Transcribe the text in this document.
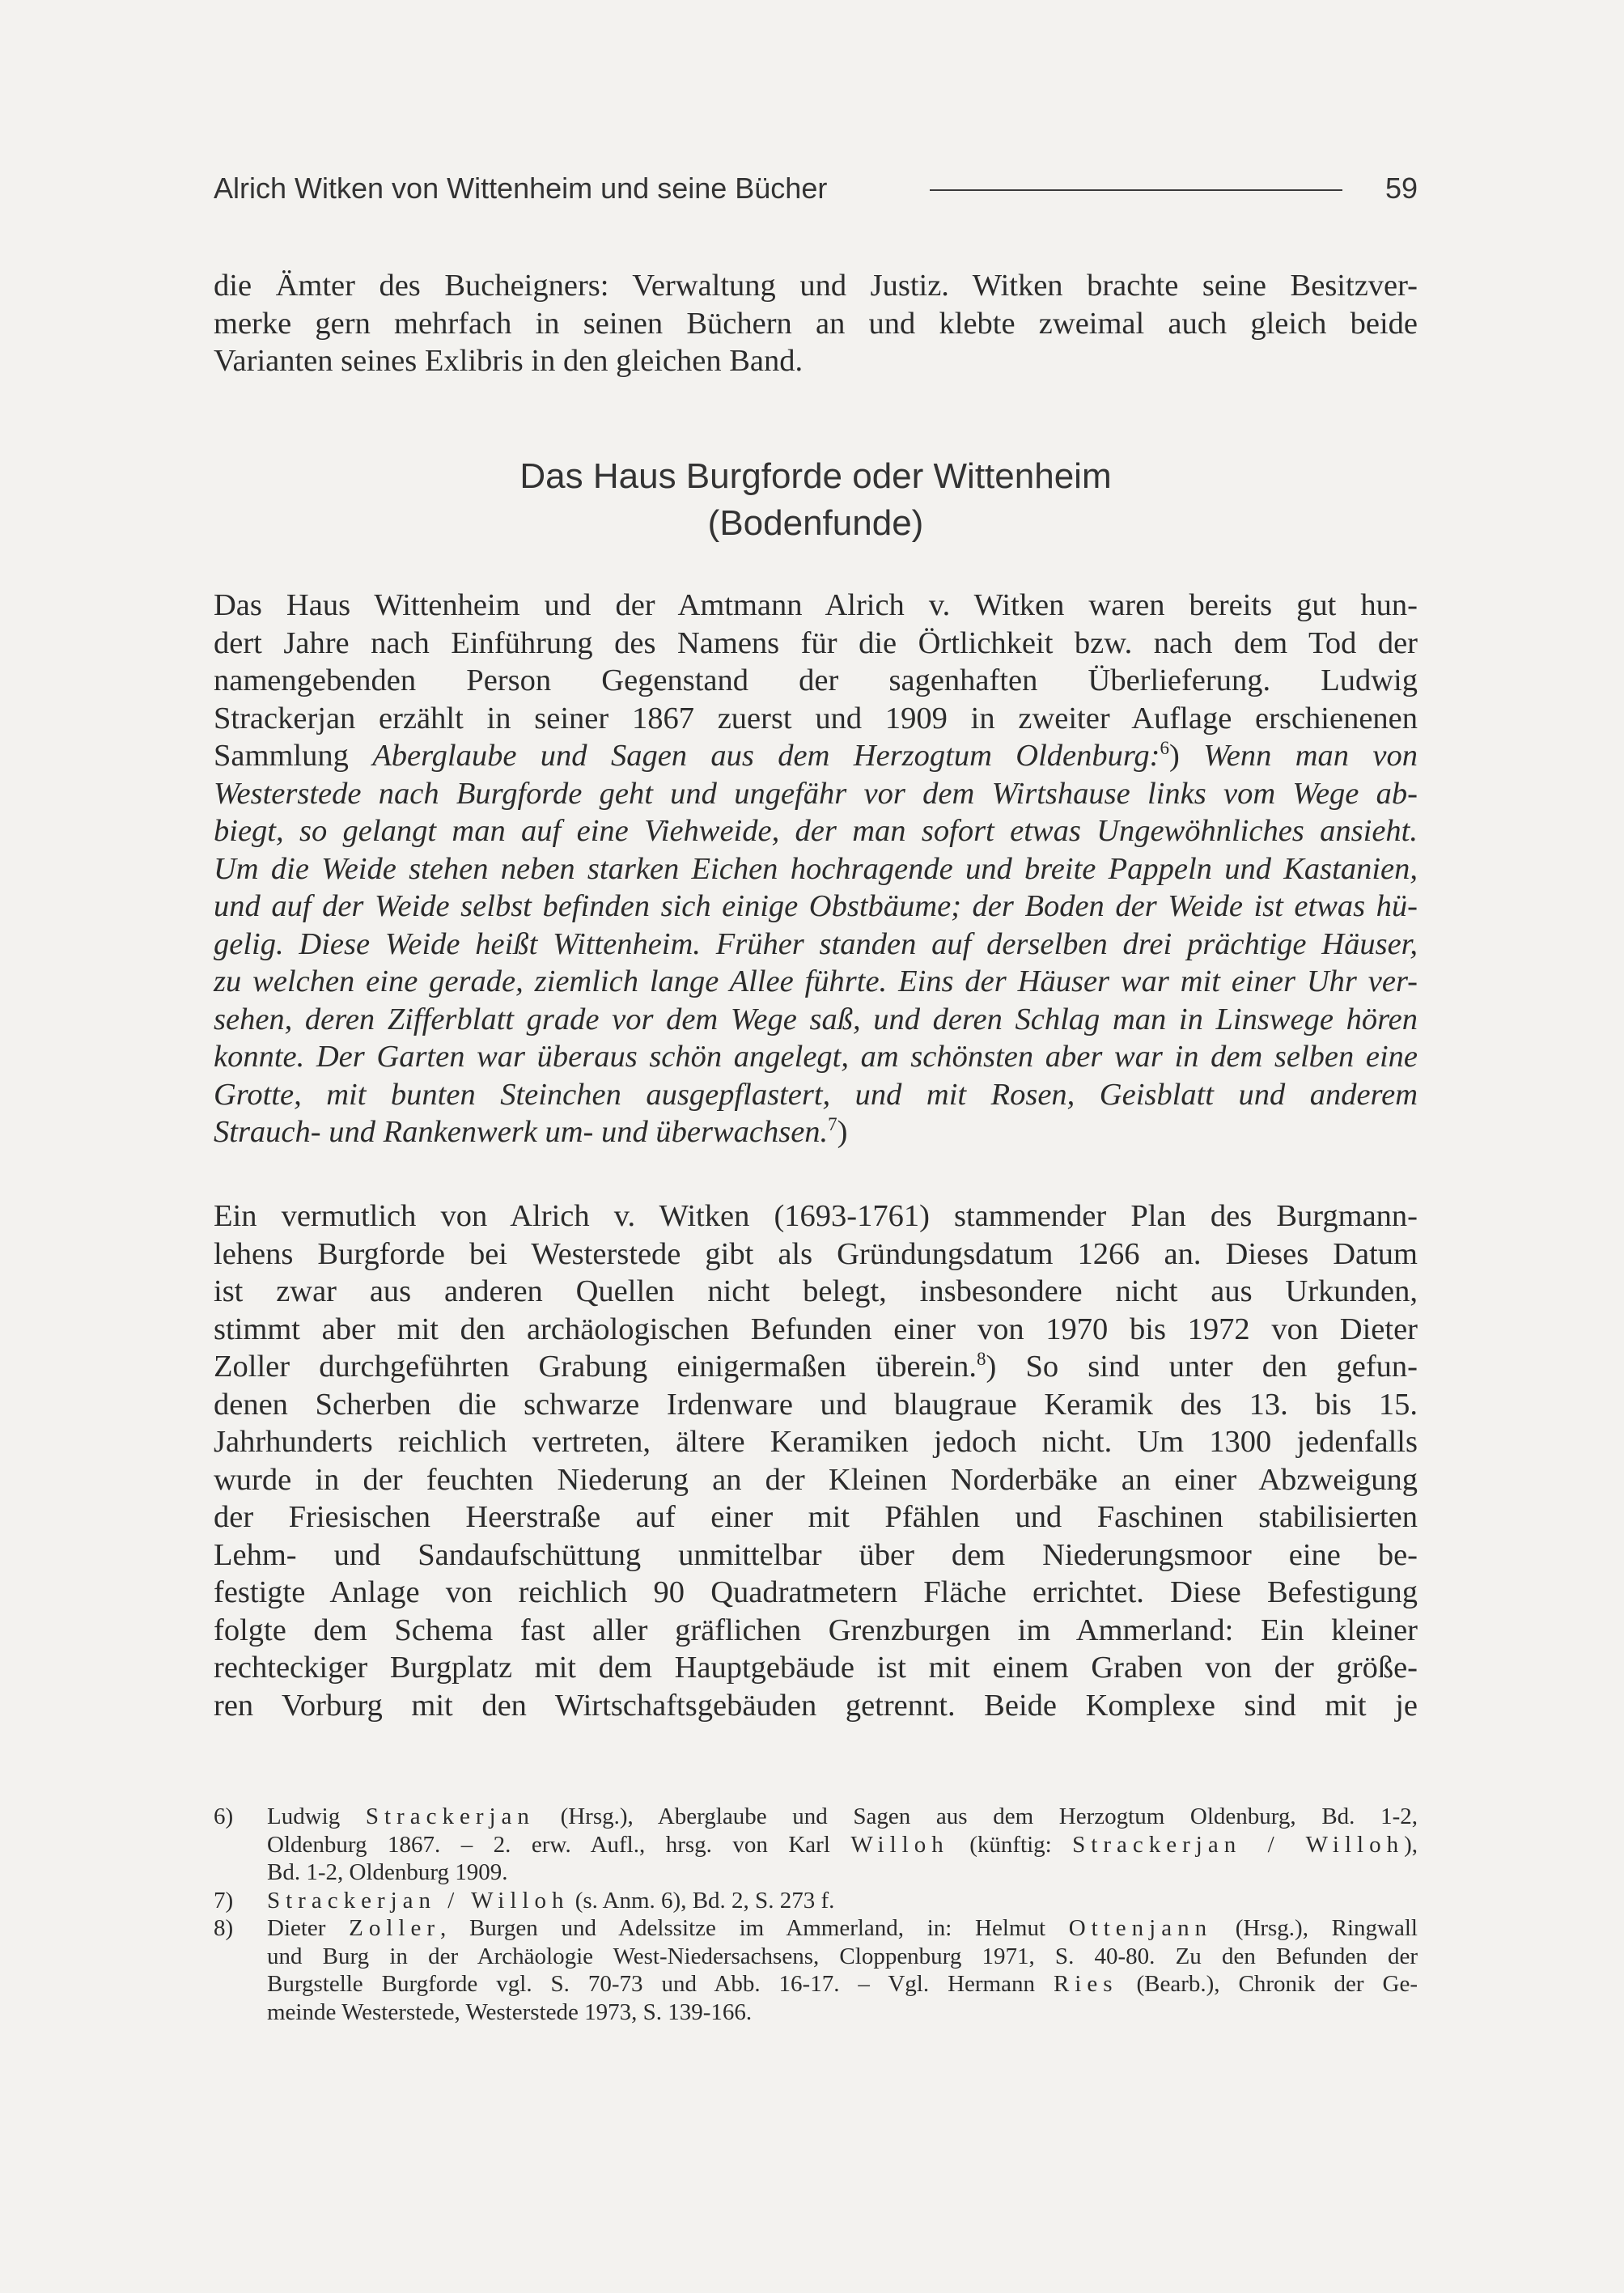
Alrich Witken von Wittenheim und seine Bücher	59
die Ämter des Bucheigners: Verwaltung und Justiz. Witken brachte seine Besitzver-
merke gern mehrfach in seinen Büchern an und klebte zweimal auch gleich beide
Varianten seines Exlibris in den gleichen Band.
Das Haus Burgforde oder Wittenheim
(Bodenfunde)
Das Haus Wittenheim und der Amtmann Alrich v. Witken waren bereits gut hun-
dert Jahre nach Einführung des Namens für die Örtlichkeit bzw. nach dem Tod der
namengebenden Person Gegenstand der sagenhaften Überlieferung. Ludwig
Strackerjan erzählt in seiner 1867 zuerst und 1909 in zweiter Auflage erschienenen
Sammlung Aberglaube und Sagen aus dem Herzogtum Oldenburg:$^6$) Wenn man von
Westerstede nach Burgforde geht und ungefähr vor dem Wirtshause links vom Wege ab-
biegt, so gelangt man auf eine Viehweide, der man sofort etwas Ungewöhnliches ansieht.
Um die Weide stehen neben starken Eichen hochragende und breite Pappeln und Kastanien,
und auf der Weide selbst befinden sich einige Obstbäume; der Boden der Weide ist etwas hü-
gelig. Diese Weide heißt Wittenheim. Früher standen auf derselben drei prächtige Häuser,
zu welchen eine gerade, ziemlich lange Allee führte. Eins der Häuser war mit einer Uhr ver-
sehen, deren Zifferblatt grade vor dem Wege saß, und deren Schlag man in Linswege hören
konnte. Der Garten war überaus schön angelegt, am schönsten aber war in dem selben eine
Grotte, mit bunten Steinchen ausgepflastert, und mit Rosen, Geisblatt und anderem
Strauch- und Rankenwerk um- und überwachsen.$^7$)
Ein vermutlich von Alrich v. Witken (1693-1761) stammender Plan des Burgmann-
lehens Burgforde bei Westerstede gibt als Gründungsdatum 1266 an. Dieses Datum
ist zwar aus anderen Quellen nicht belegt, insbesondere nicht aus Urkunden,
stimmt aber mit den archäologischen Befunden einer von 1970 bis 1972 von Dieter
Zoller durchgeführten Grabung einigermaßen überein.$^8$) So sind unter den gefun-
denen Scherben die schwarze Irdenware und blaugraue Keramik des 13. bis 15.
Jahrhunderts reichlich vertreten, ältere Keramiken jedoch nicht. Um 1300 jedenfalls
wurde in der feuchten Niederung an der Kleinen Norderbäke an einer Abzweigung
der Friesischen Heerstraße auf einer mit Pfählen und Faschinen stabilisierten
Lehm- und Sandaufschüttung unmittelbar über dem Niederungsmoor eine be-
festigte Anlage von reichlich 90 Quadratmetern Fläche errichtet. Diese Befestigung
folgte dem Schema fast aller gräflichen Grenzburgen im Ammerland: Ein kleiner
rechteckiger Burgplatz mit dem Hauptgebäude ist mit einem Graben von der größe-
ren Vorburg mit den Wirtschaftsgebäuden getrennt. Beide Komplexe sind mit je
6) Ludwig Strackerjan (Hrsg.), Aberglaube und Sagen aus dem Herzogtum Oldenburg, Bd. 1-2,
Oldenburg 1867. – 2. erw. Aufl., hrsg. von Karl Willoh (künftig: Strackerjan / Willoh),
Bd. 1-2, Oldenburg 1909.
7) Strackerjan / Willoh (s. Anm. 6), Bd. 2, S. 273 f.
8) Dieter Zoller, Burgen und Adelssitze im Ammerland, in: Helmut Ottenjann (Hrsg.), Ringwall
und Burg in der Archäologie West-Niedersachsens, Cloppenburg 1971, S. 40-80. Zu den Befunden der
Burgstelle Burgforde vgl. S. 70-73 und Abb. 16-17. – Vgl. Hermann Ries (Bearb.), Chronik der Ge-
meinde Westerstede, Westerstede 1973, S. 139-166.
